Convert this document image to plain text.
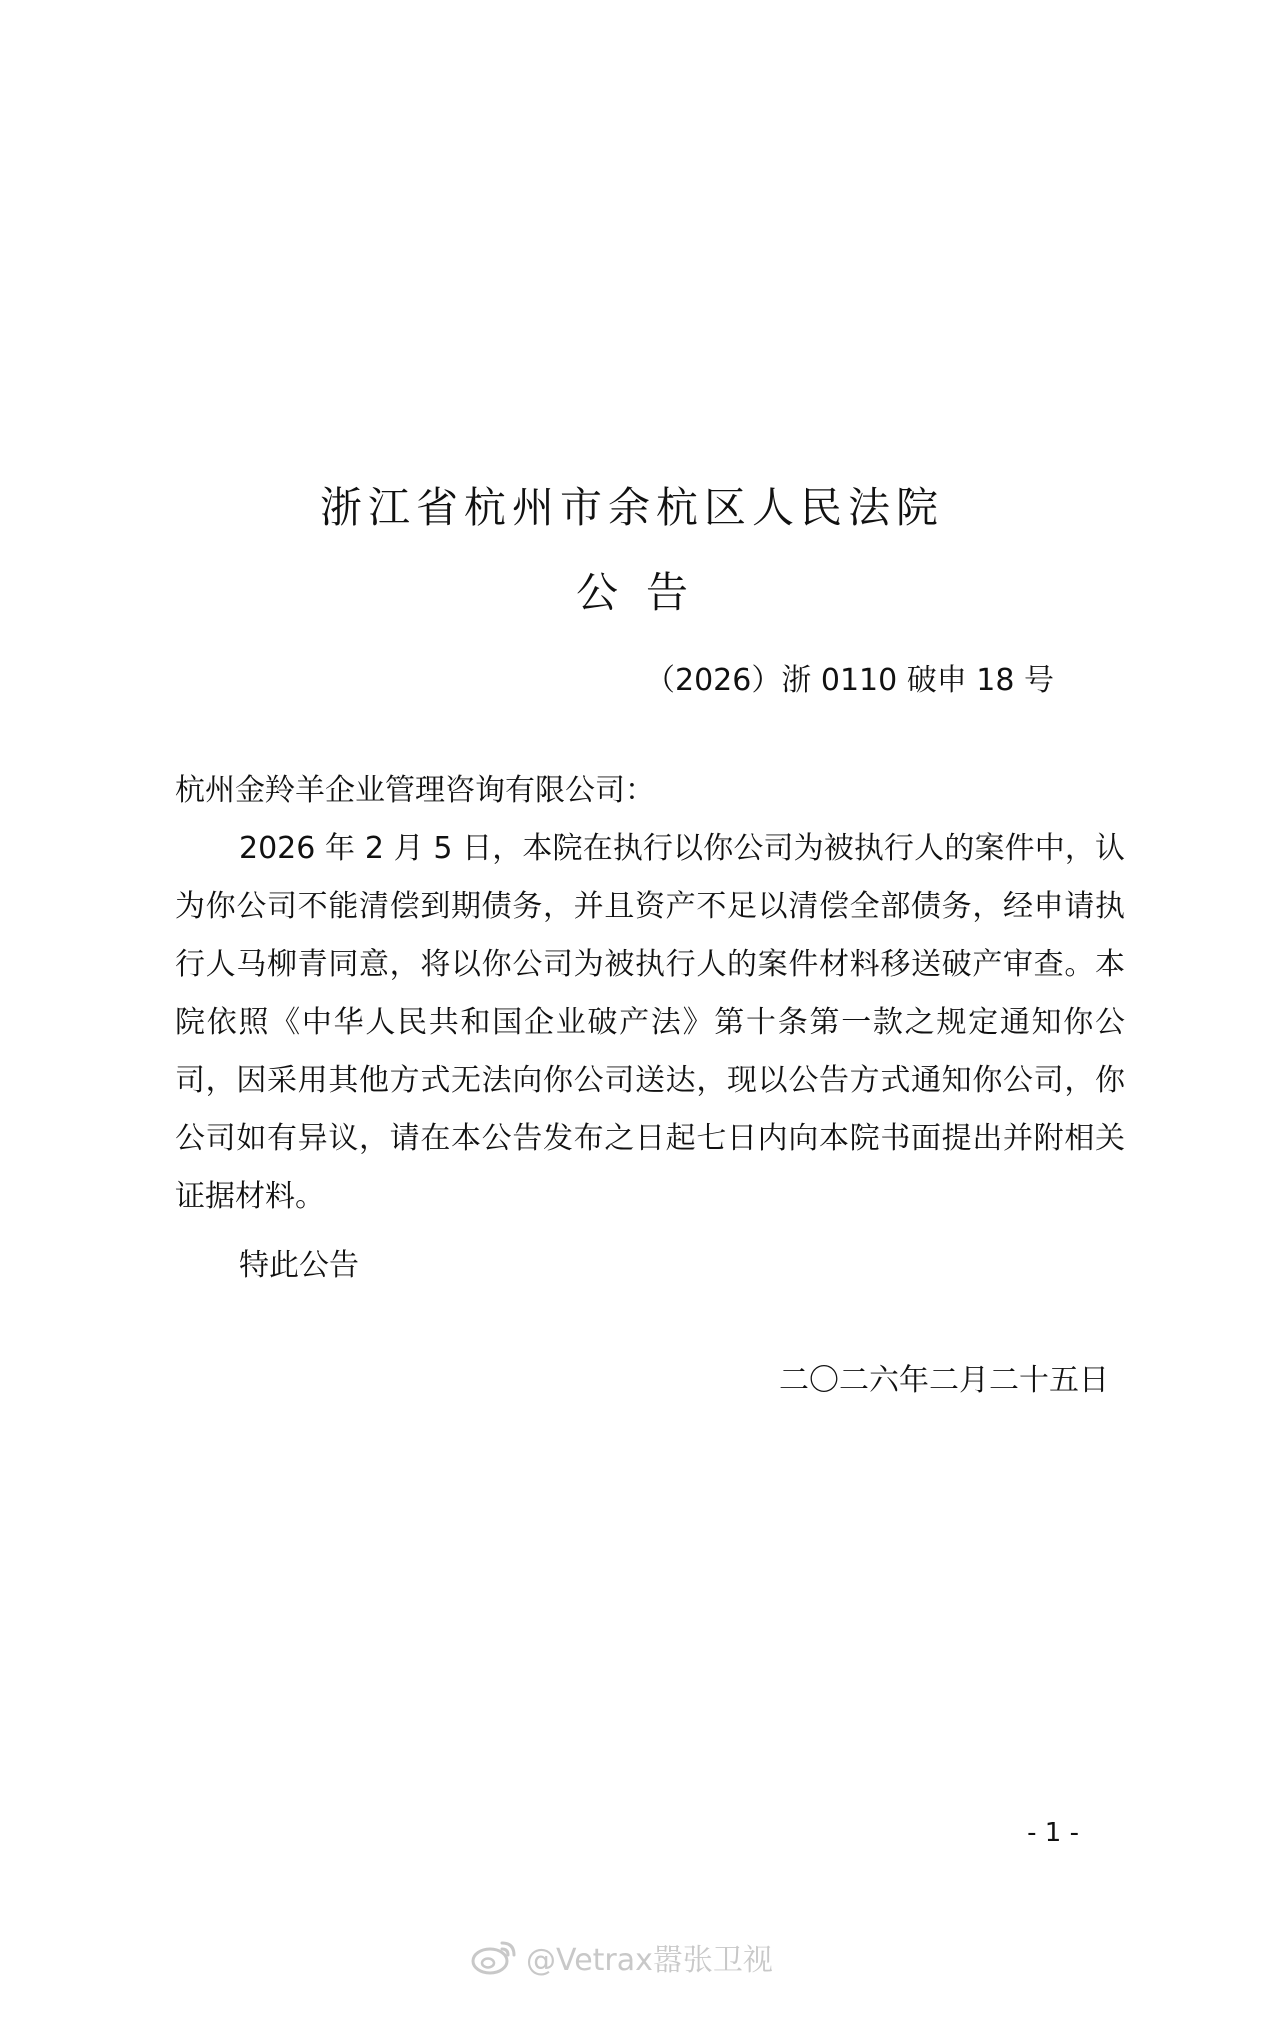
浙江省杭州市余杭区人民法院
公告
（2026）浙 0110 破申 18 号
杭州金羚羊企业管理咨询有限公司：

2026 年 2 月 5 日，本院在执行以你公司为被执行人的案件中，认为你公司不能清偿到期债务，并且资产不足以清偿全部债务，经申请执行人马柳青同意，将以你公司为被执行人的案件材料移送破产审查。本院依照《中华人民共和国企业破产法》第十条第一款之规定通知你公司，因采用其他方式无法向你公司送达，现以公告方式通知你公司，你公司如有异议，请在本公告发布之日起七日内向本院书面提出并附相关证据材料。

特此公告
二〇二六年二月二十五日
- 1 -
@Vetrax嚣张卫视
